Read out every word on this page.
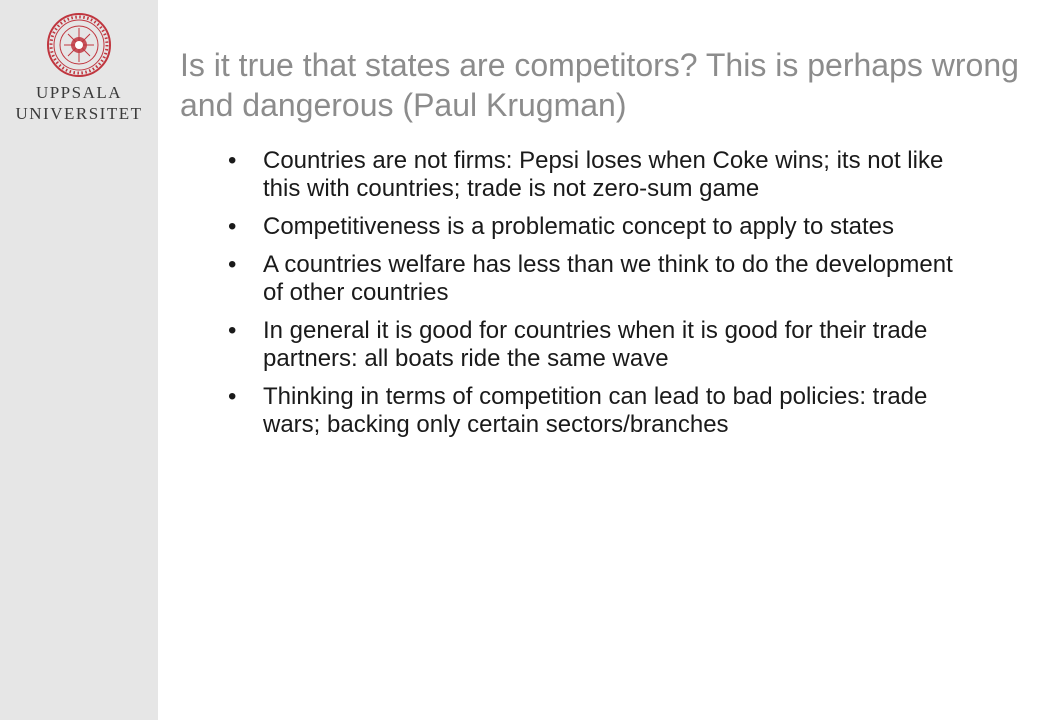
UPPSALA
UNIVERSITET
Is it true that states are competitors? This is perhaps wrong and dangerous (Paul Krugman)
• Countries are not firms: Pepsi loses when Coke wins; its not like this with countries; trade is not zero-sum game
• Competitiveness is a problematic concept to apply to states
• A countries welfare has less than we think to do the development of other countries
• In general it is good for countries when it is good for their trade partners: all boats ride the same wave
• Thinking in terms of competition can lead to bad policies: trade wars; backing only certain sectors/branches
